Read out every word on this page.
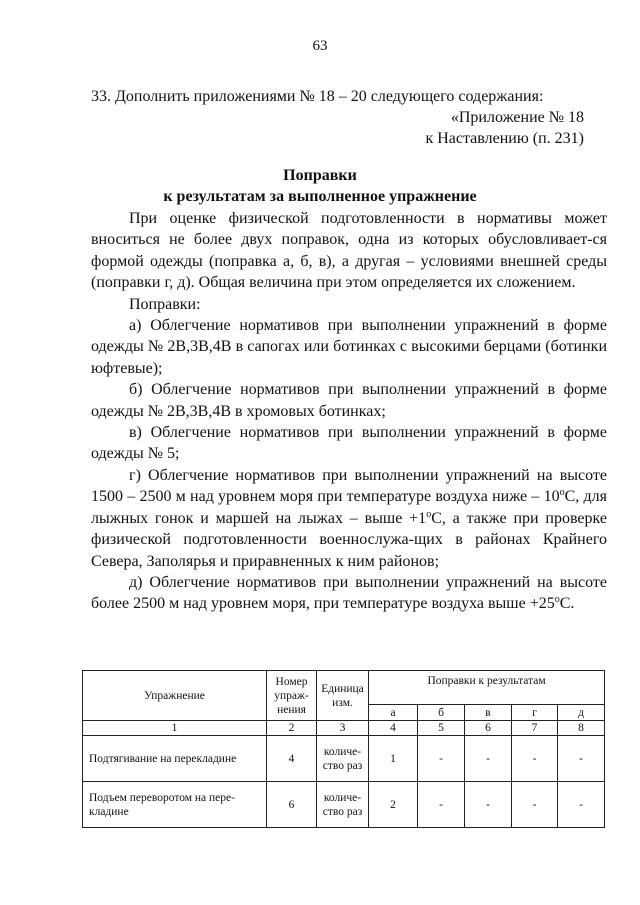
63
33. Дополнить приложениями № 18 – 20 следующего содержания:
«Приложение № 18
к Наставлению (п. 231)
Поправки
к результатам за выполненное упражнение

При оценке физической подготовленности в нормативы может вноситься не более двух поправок, одна из которых обусловливает-ся формой одежды (поправка а, б, в), а другая – условиями внешней среды (поправки г, д). Общая величина при этом определяется их сложением.

Поправки:

а) Облегчение нормативов при выполнении упражнений в форме одежды № 2В,3В,4В в сапогах или ботинках с высокими берцами (ботинки юфтевые);

б) Облегчение нормативов при выполнении упражнений в форме одежды № 2В,3В,4В в хромовых ботинках;

в) Облегчение нормативов при выполнении упражнений в форме одежды № 5;

г) Облегчение нормативов при выполнении упражнений на высоте 1500 – 2500 м над уровнем моря при температуре воздуха ниже – $10^оС$, для лыжных гонок и маршей на лыжах – выше $+1^оС$, а также при проверке физической подготовленности военнослужа-щих в районах Крайнего Севера, Заполярья и приравненных к ним районов;

д) Облегчение нормативов при выполнении упражнений на высоте более 2500 м над уровнем моря, при температуре воздуха выше $+25^оС$.

Упражнение	Номер упраж-нения	Единица изм.	Поправки к результатам				
			а	б	в	г	д
1	2	3	4	5	6	7	8
Подтягивание на перекладине	4	количе-ство раз	1	-	-	-	-
Подъем переворотом на пере-кладине	6	количе-ство раз	2	-	-	-	-
